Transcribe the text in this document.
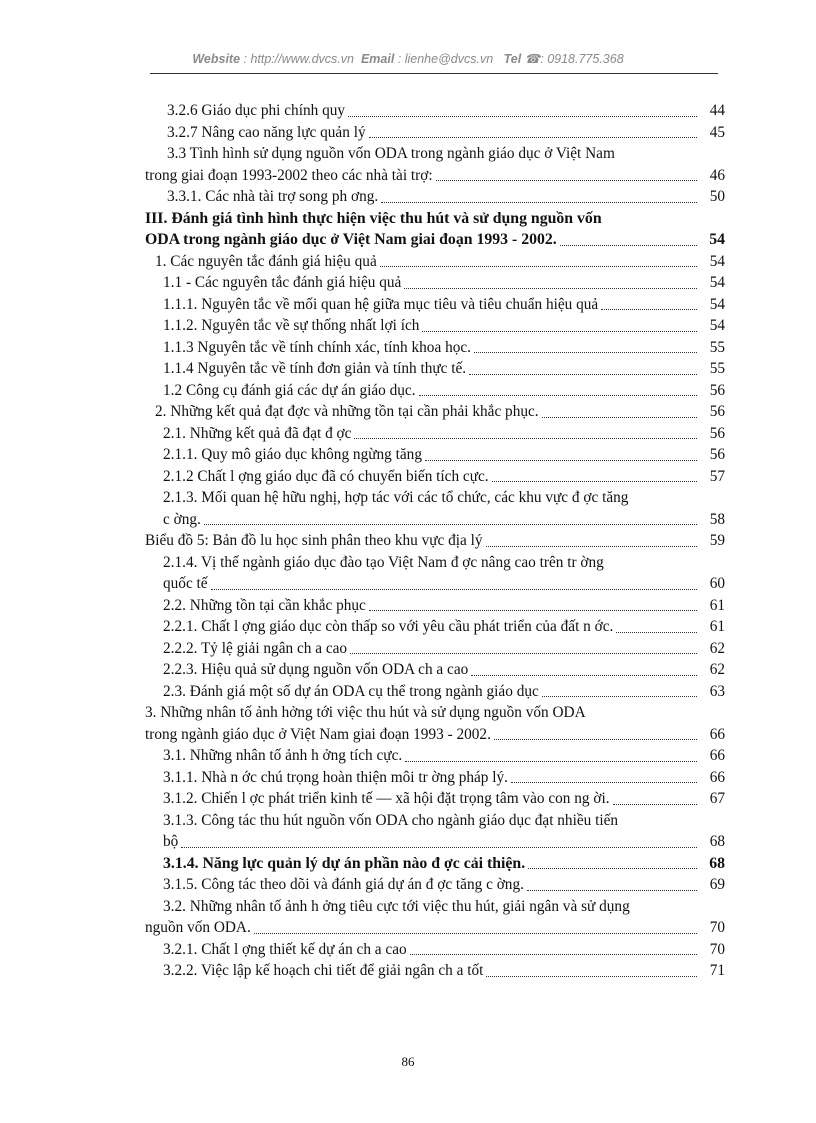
Website : http://www.dvcs.vn Email : lienhe@dvcs.vn Tel ☎: 0918.775.368
3.2.6 Giáo dục phi chính quy	44
3.2.7 Nâng cao năng lực quản lý	45
3.3 Tình hình sử dụng nguồn vốn ODA trong ngành giáo dục ở Việt Nam
trong giai đoạn 1993-2002 theo các nhà tài trợ:	46
3.3.1. Các nhà tài trợ song ph ơng.	50
III. Đánh giá tình hình thực hiện việc thu hút và sử dụng nguồn vốn
ODA trong ngành giáo dục ở Việt Nam giai đoạn 1993 - 2002.	54
1. Các nguyên tắc đánh giá hiệu quả	54
1.1 - Các nguyên tắc đánh giá hiệu quả	54
1.1.1. Nguyên tắc về mối quan hệ giữa mục tiêu và tiêu chuẩn hiệu quả	54
1.1.2. Nguyên tắc về sự thống nhất lợi ích	54
1.1.3 Nguyên tắc về tính chính xác, tính khoa học.	55
1.1.4 Nguyên tắc về tính đơn giản và tính thực tế.	55
1.2 Công cụ đánh giá các dự án giáo dục.	56
2. Những kết quả đạt đợc và những tồn tại cần phải khắc phục.	56
2.1. Những kết quả đã đạt đ ợc	56
2.1.1. Quy mô giáo dục không ngừng tăng	56
2.1.2 Chất l ợng giáo dục đã có chuyển biến tích cực.	57
2.1.3. Mối quan hệ hữu nghị, hợp tác với các tổ chức, các khu vực đ ợc tăng
c ờng.	58
Biểu đồ 5: Bản đồ lu học sinh phân theo khu vực địa lý	59
2.1.4. Vị thế ngành giáo dục đào tạo Việt Nam đ ợc nâng cao trên tr ờng
quốc tế	60
2.2. Những tồn tại cần khắc phục	61
2.2.1. Chất l ợng giáo dục còn thấp so với yêu cầu phát triển của đất n ớc.	61
2.2.2. Tỷ lệ giải ngân ch a cao	62
2.2.3. Hiệu quả sử dụng nguồn vốn ODA ch a cao	62
2.3. Đánh giá một số dự án ODA cụ thể trong ngành giáo dục	63
3. Những nhân tố ảnh hởng tới việc thu hút và sử dụng nguồn vốn ODA
trong ngành giáo dục ở Việt Nam giai đoạn 1993 - 2002.	66
3.1. Những nhân tố ảnh h ởng tích cực.	66
3.1.1. Nhà n ớc chú trọng hoàn thiện môi tr ờng pháp lý.	66
3.1.2. Chiến l ợc phát triển kinh tế — xã hội đặt trọng tâm vào con ng ời.	67
3.1.3. Công tác thu hút nguồn vốn ODA cho ngành giáo dục đạt nhiều tiến
bộ	68
3.1.4. Năng lực quản lý dự án phần nào đ ợc cải thiện.	68
3.1.5. Công tác theo dõi và đánh giá dự án đ ợc tăng c ờng.	69
3.2. Những nhân tố ảnh h ởng tiêu cực tới việc thu hút, giải ngân và sử dụng
nguồn vốn ODA.	70
3.2.1. Chất l ợng thiết kế dự án ch a cao	70
3.2.2. Việc lập kế hoạch chi tiết để giải ngân ch a tốt	71
86
